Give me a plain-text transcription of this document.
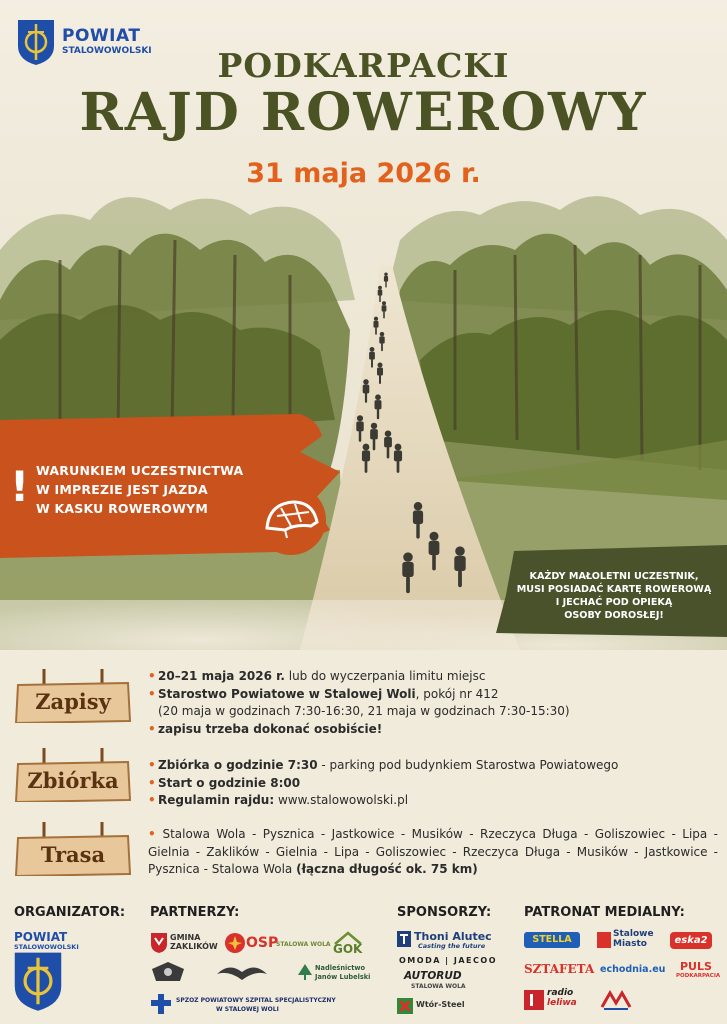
POWIAT
STALOWOWOLSKI	PODKARPACKI
RAJD ROWEROWY
31 maja 2026 r.
! WARUNKIEM UCZESTNICTWA
W IMPREZIE JEST JAZDA
W KASKU ROWEROWYM
KAŻDY MAŁOLETNI UCZESTNIK,
MUSI POSIADAĆ KARTĘ ROWEROWĄ
I JECHAĆ POD OPIEKĄ
OSOBY DOROSŁEJ!
Zapisy
• 20–21 maja 2026 r. lub do wyczerpania limitu miejsc
• Starostwo Powiatowe w Stalowej Woli, pokój nr 412
(20 maja w godzinach 7:30-16:30, 21 maja w godzinach 7:30-15:30)
• zapisu trzeba dokonać osobiście!
Zbiórka
• Zbiórka o godzinie 7:30 - parking pod budynkiem Starostwa Powiatowego
• Start o godzinie 8:00
• Regulamin rajdu: www.stalowowolski.pl
Trasa
• Stalowa Wola - Pysznica - Jastkowice - Musików - Rzeczyca Długa - Goliszowiec - Lipa - Gielnia - Zaklików - Gielnia - Lipa - Goliszowiec - Rzeczyca Długa - Musików - Jastkowice - Pysznica - Stalowa Wola (łączna długość ok. 75 km)
ORGANIZATOR: PARTNERZY:	SPONSORZY:	PATRONAT MEDIALNY:
POWIAT
STALOWOWOLSKI
GMINA
ZAKLIKÓW OSP
STALOWA WOLA GOK
Nadleśnictwo
Janów Lubelski
SPZOZ POWIATOWY SZPITAL SPECJALISTYCZNY
W STALOWEJ WOLI
Thoni Alutec
Casting the future
OMODA | JAECOO
AUTORUD
STALOWA WOLA
Wtór-Steel
STELLA	Stalowe
Miasto	eska2
SZTAFETA echodnia.eu PULS
PODKARPACIA
radio
leliwa
